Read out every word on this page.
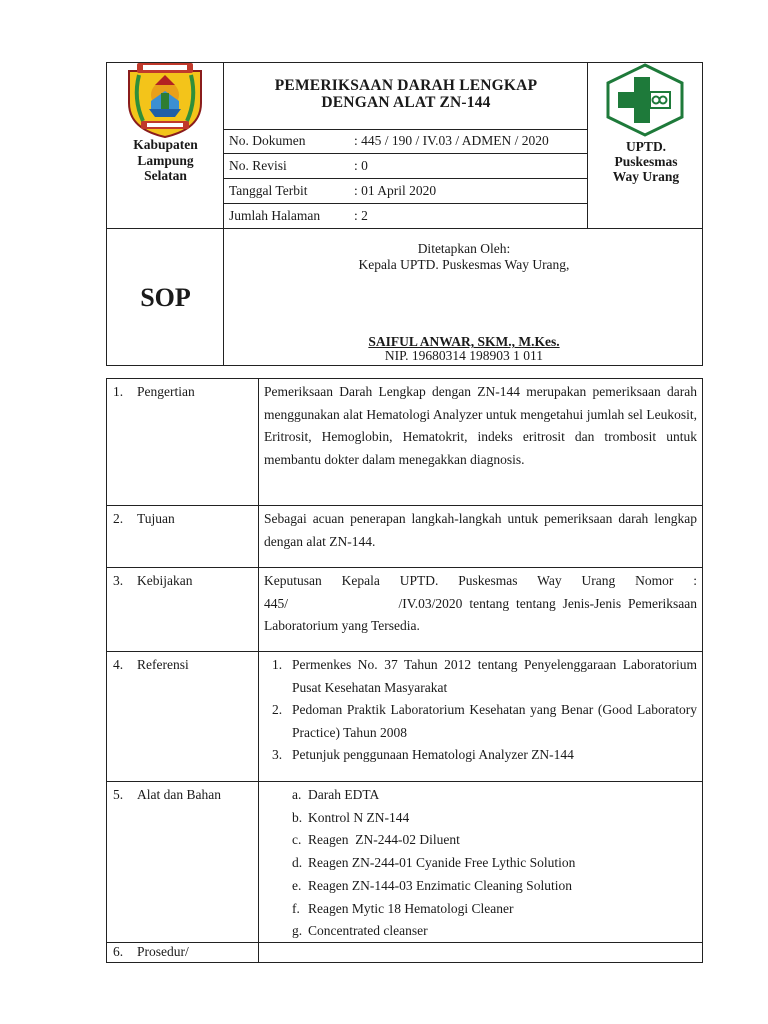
Kabupaten
Lampung
Selatan
PEMERIKSAAN DARAH LENGKAP
DENGAN ALAT ZN-144
No. Dokumen	: 445 / 190 / IV.03 / ADMEN / 2020
No. Revisi	: 0
Tanggal Terbit	: 01 April 2020
Jumlah Halaman	: 2
UPTD.
Puskesmas
Way Urang
SOP
Ditetapkan Oleh:
Kepala UPTD. Puskesmas Way Urang,
SAIFUL ANWAR, SKM., M.Kes.
NIP. 19680314 198903 1 011
1. Pengertian	Pemeriksaan Darah Lengkap dengan ZN-144 merupakan pemeriksaan darah menggunakan alat Hematologi Analyzer untuk mengetahui jumlah sel Leukosit, Eritrosit, Hemoglobin, Hematokrit, indeks eritrosit dan trombosit untuk membantu dokter dalam menegakkan diagnosis.
2. Tujuan	Sebagai acuan penerapan langkah-langkah untuk pemeriksaan darah lengkap dengan alat ZN-144.
3. Kebijakan	Keputusan Kepala UPTD. Puskesmas Way Urang Nomor :
445/                /IV.03/2020 tentang tentang Jenis-Jenis Pemeriksaan
Laboratorium yang Tersedia.
4. Referensi	1. Permenkes No. 37 Tahun 2012 tentang Penyelenggaraan Laboratorium Pusat Kesehatan Masyarakat
2. Pedoman Praktik Laboratorium Kesehatan yang Benar (Good Laboratory Practice) Tahun 2008
3. Petunjuk penggunaan Hematologi Analyzer ZN-144
5. Alat dan Bahan	a. Darah EDTA
b. Kontrol N ZN-144
c. Reagen  ZN-244-02 Diluent
d. Reagen ZN-244-01 Cyanide Free Lythic Solution
e. Reagen ZN-144-03 Enzimatic Cleaning Solution
f. Reagen Mytic 18 Hematologi Cleaner
g. Concentrated cleanser
6. Prosedur/
